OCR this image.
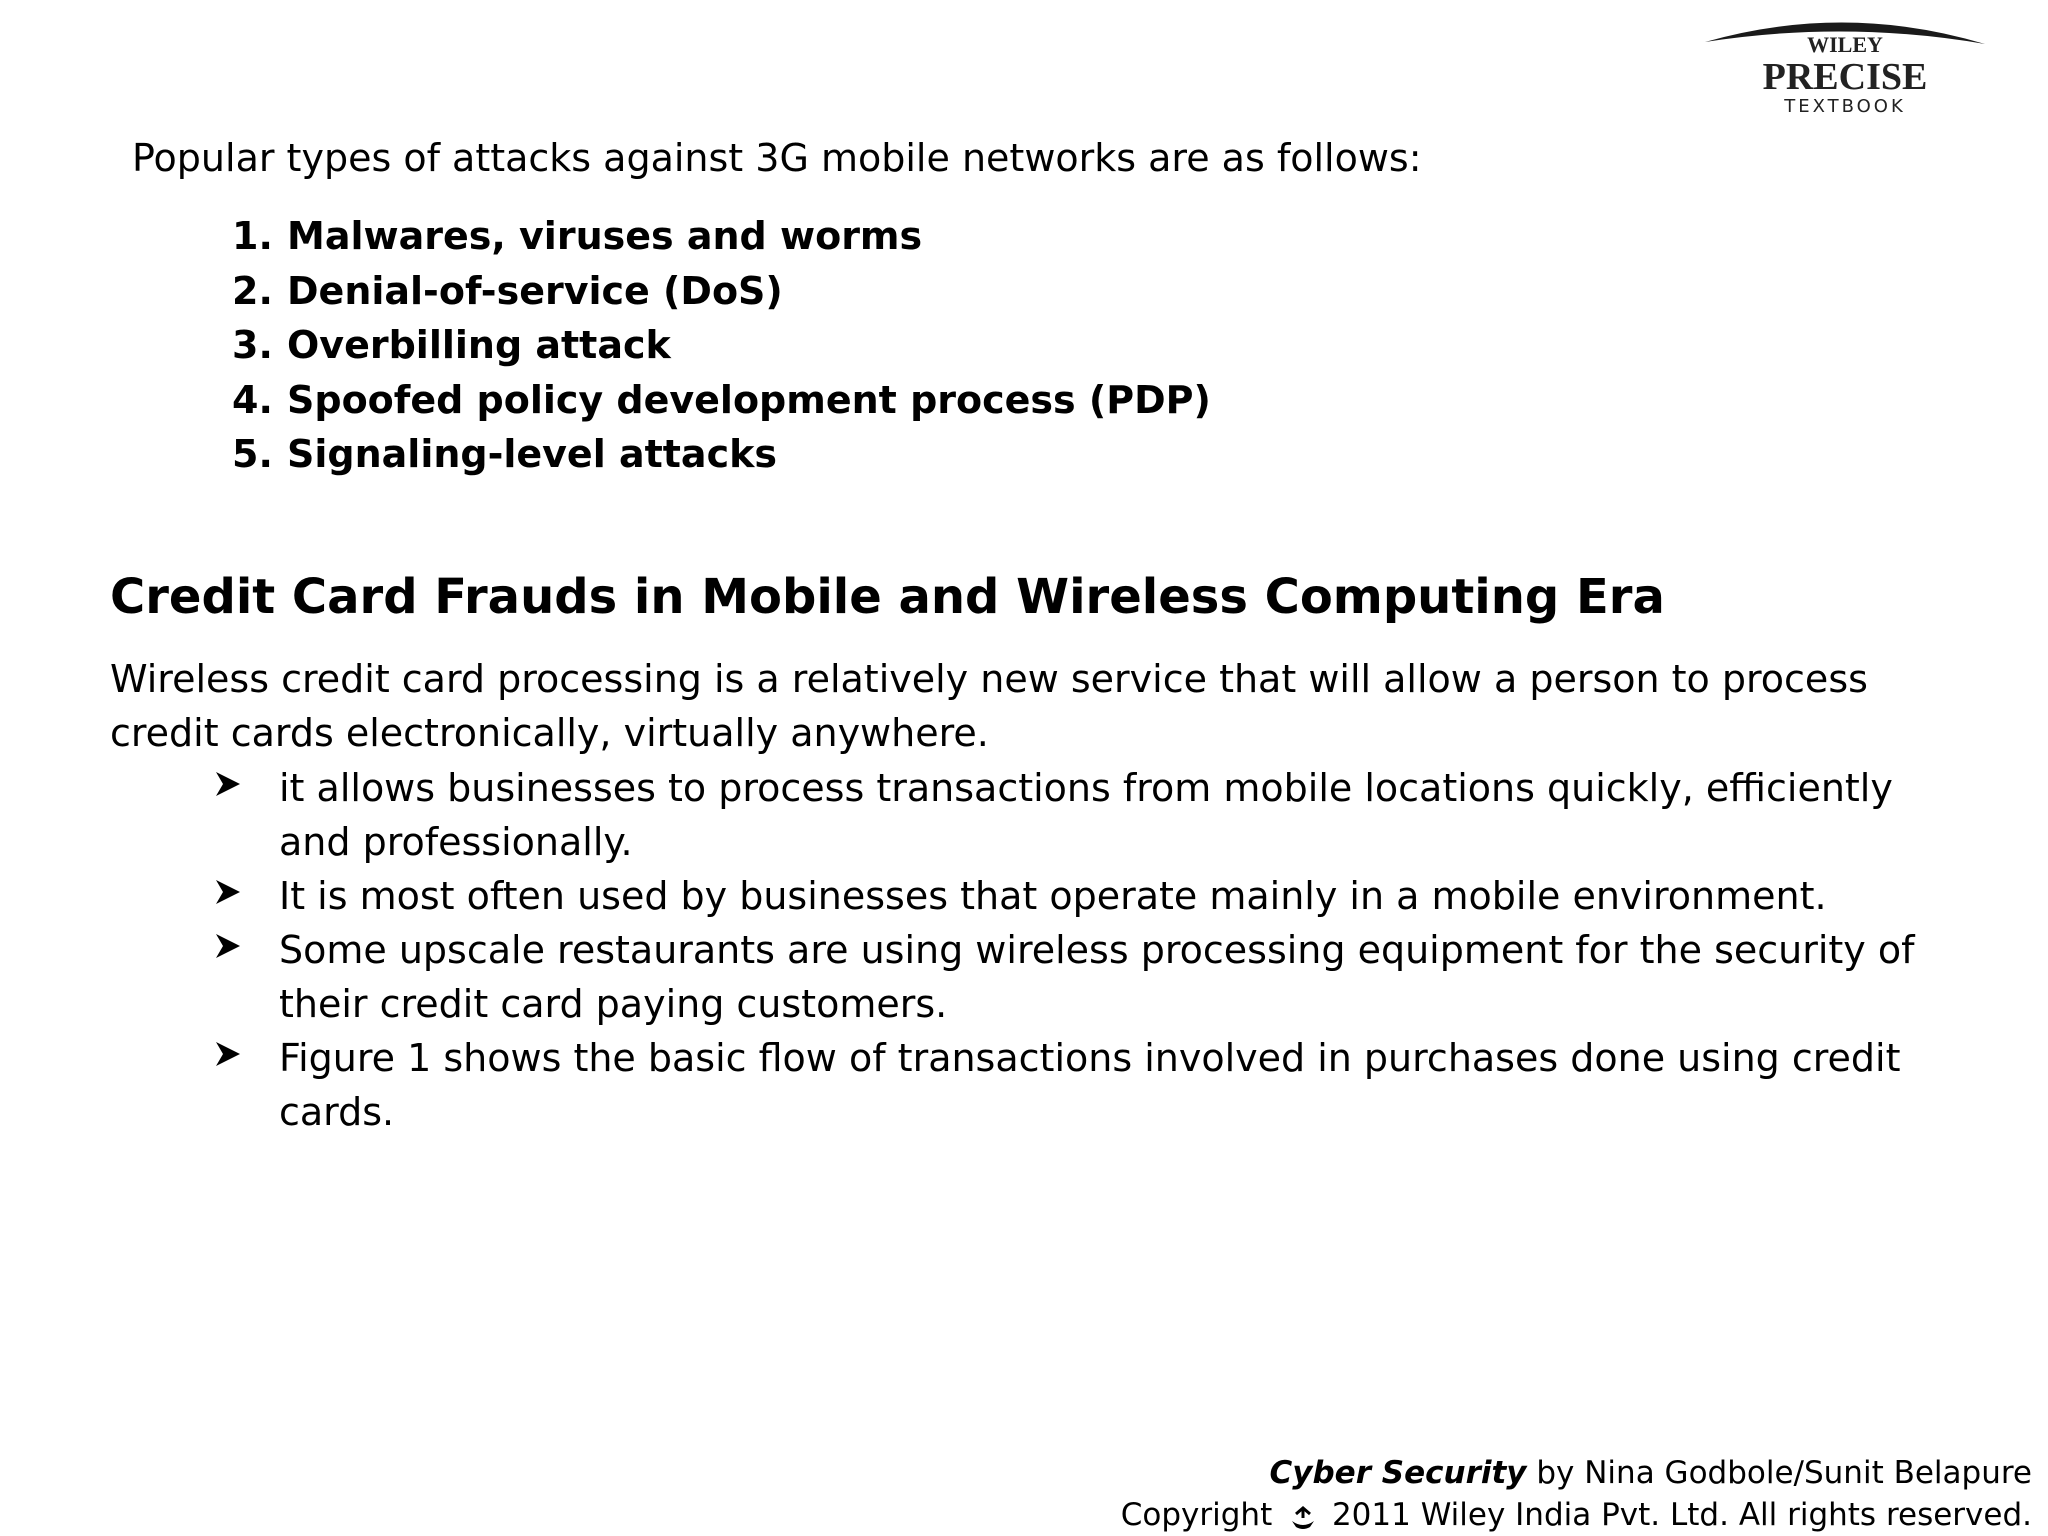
WILEY
PRECISE
TEXTBOOK
Popular types of attacks against 3G mobile networks are as follows:
1. Malwares, viruses and worms
2. Denial-of-service (DoS)
3. Overbilling attack
4. Spoofed policy development process (PDP)
5. Signaling-level attacks
Credit Card Frauds in Mobile and Wireless Computing Era
Wireless credit card processing is a relatively new service that will allow a person to process credit cards electronically, virtually anywhere.
it allows businesses to process transactions from mobile locations quickly, efficiently and professionally.
It is most often used by businesses that operate mainly in a mobile environment.
Some upscale restaurants are using wireless processing equipment for the security of their credit card paying customers.
Figure 1 shows the basic flow of transactions involved in purchases done using credit cards.
Cyber Security by Nina Godbole/Sunit Belapure
Copyright 2011 Wiley India Pvt. Ltd. All rights reserved.
